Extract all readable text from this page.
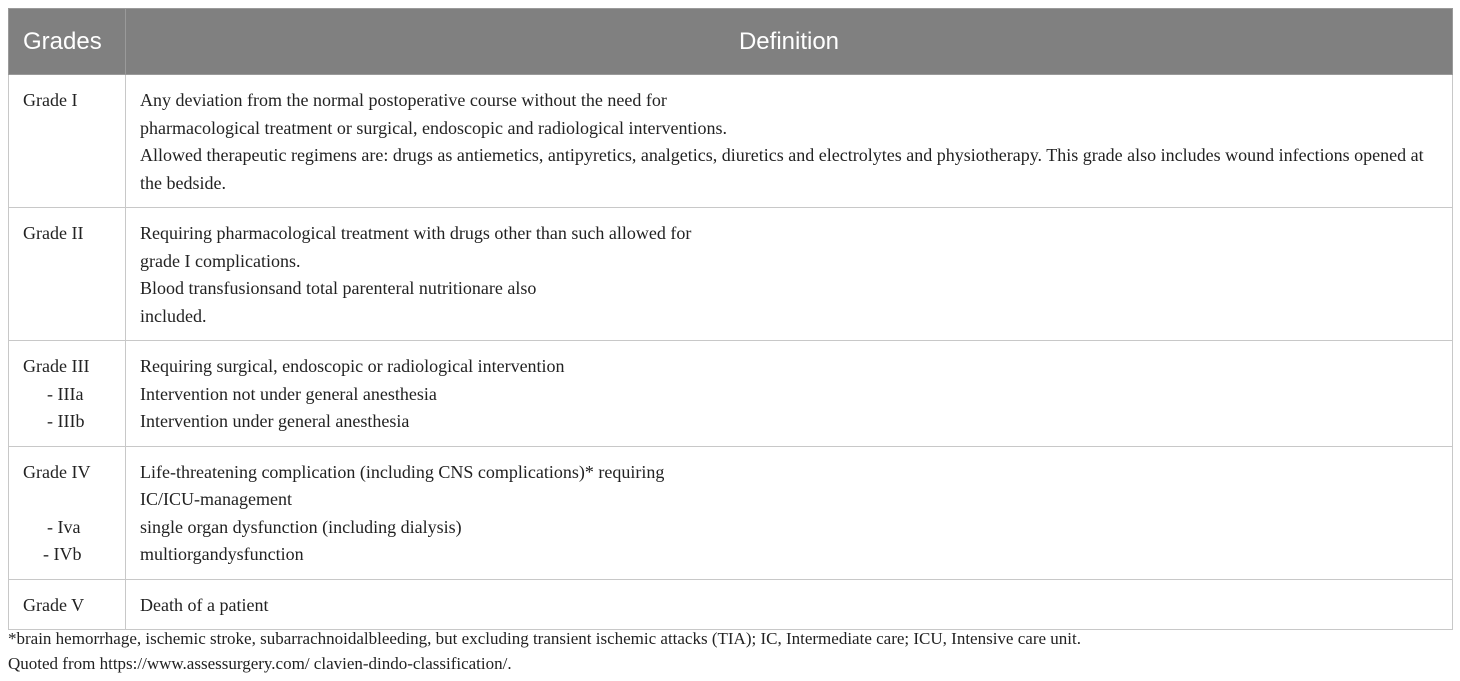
Grades	Definition

Grade I	Any deviation from the normal postoperative course without the need for
pharmacological treatment or surgical, endoscopic and radiological interventions.
Allowed therapeutic regimens are: drugs as antiemetics, antipyretics, analgetics, diuretics and electrolytes and physiotherapy. This grade also includes wound infections opened at the bedside.

Grade II	Requiring pharmacological treatment with drugs other than such allowed for
grade I complications.
Blood transfusionsand total parenteral nutritionare also
included.

Grade III
- IIIa
- IIIb	Requiring surgical, endoscopic or radiological intervention
Intervention not under general anesthesia
Intervention under general anesthesia

Grade IV
- Iva
- IVb	Life-threatening complication (including CNS complications)* requiring
IC/ICU-management
single organ dysfunction (including dialysis)
multiorgandysfunction

Grade V	Death of a patient
*brain hemorrhage, ischemic stroke, subarrachnoidalbleeding, but excluding transient ischemic attacks (TIA); IC, Intermediate care; ICU, Intensive care unit.
Quoted from https://www.assessurgery.com/ clavien-dindo-classification/.
